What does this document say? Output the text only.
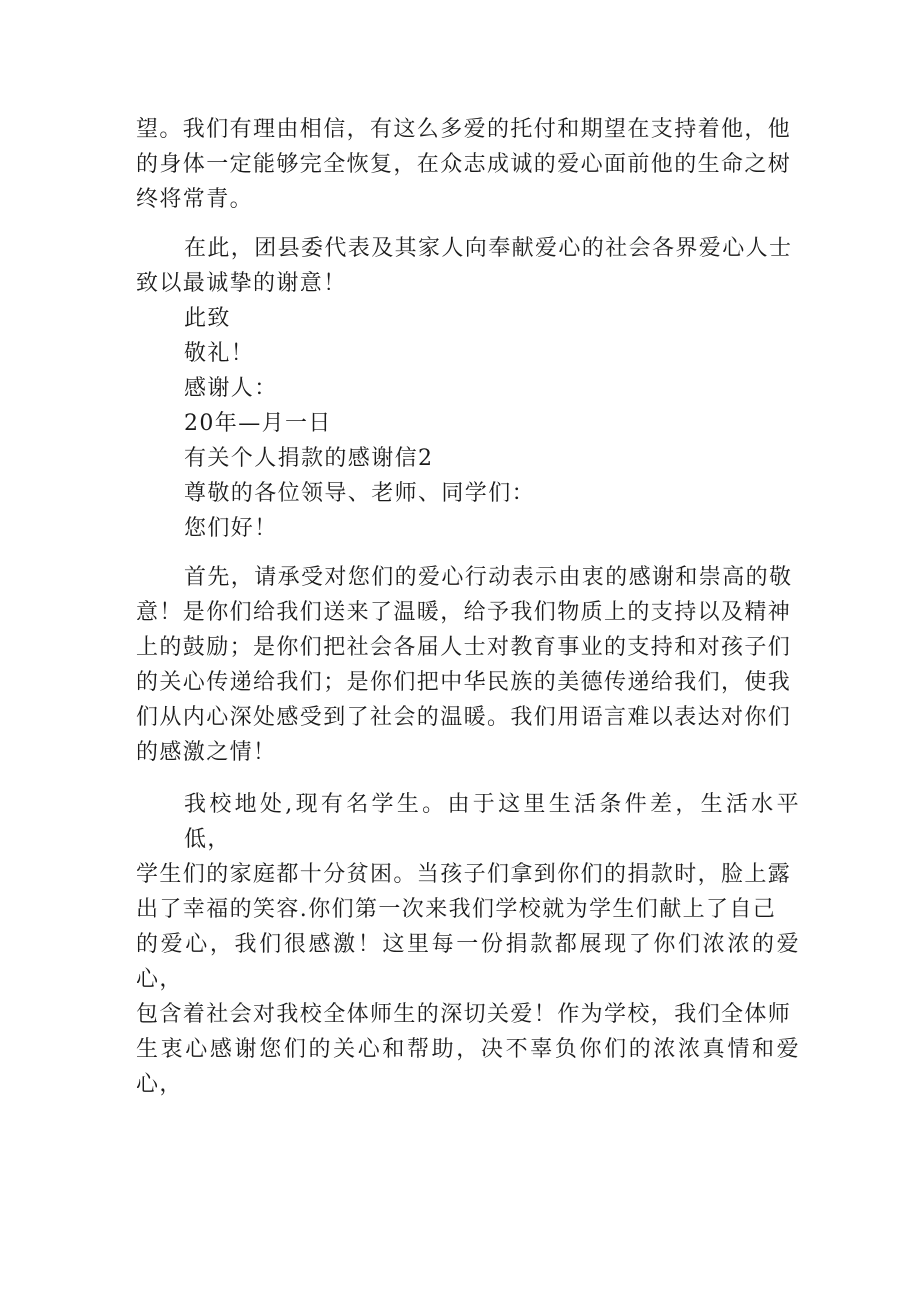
望。我们有理由相信，有这么多爱的托付和期望在支持着他，他
的身体一定能够完全恢复，在众志成诚的爱心面前他的生命之树
终将常青。
在此，团县委代表及其家人向奉献爱心的社会各界爱心人士
致以最诚挚的谢意！

此致

敬礼！

感谢人：

20年—月一日

有关个人捐款的感谢信2

尊敬的各位领导、老师、同学们：

您们好！

首先，请承受对您们的爱心行动表示由衷的感谢和崇高的敬
意！是你们给我们送来了温暖，给予我们物质上的支持以及精神
上的鼓励；是你们把社会各届人士对教育事业的支持和对孩子们
的关心传递给我们；是你们把中华民族的美德传递给我们，使我
们从内心深处感受到了社会的温暖。我们用语言难以表达对你们
的感激之情！
我校地处,现有名学生。由于这里生活条件差，生活水平低，
学生们的家庭都十分贫困。当孩子们拿到你们的捐款时，脸上露
出了幸福的笑容.你们第一次来我们学校就为学生们献上了自己
的爱心，我们很感激！这里每一份捐款都展现了你们浓浓的爱心，
包含着社会对我校全体师生的深切关爱！作为学校，我们全体师
生衷心感谢您们的关心和帮助，决不辜负你们的浓浓真情和爱心，
